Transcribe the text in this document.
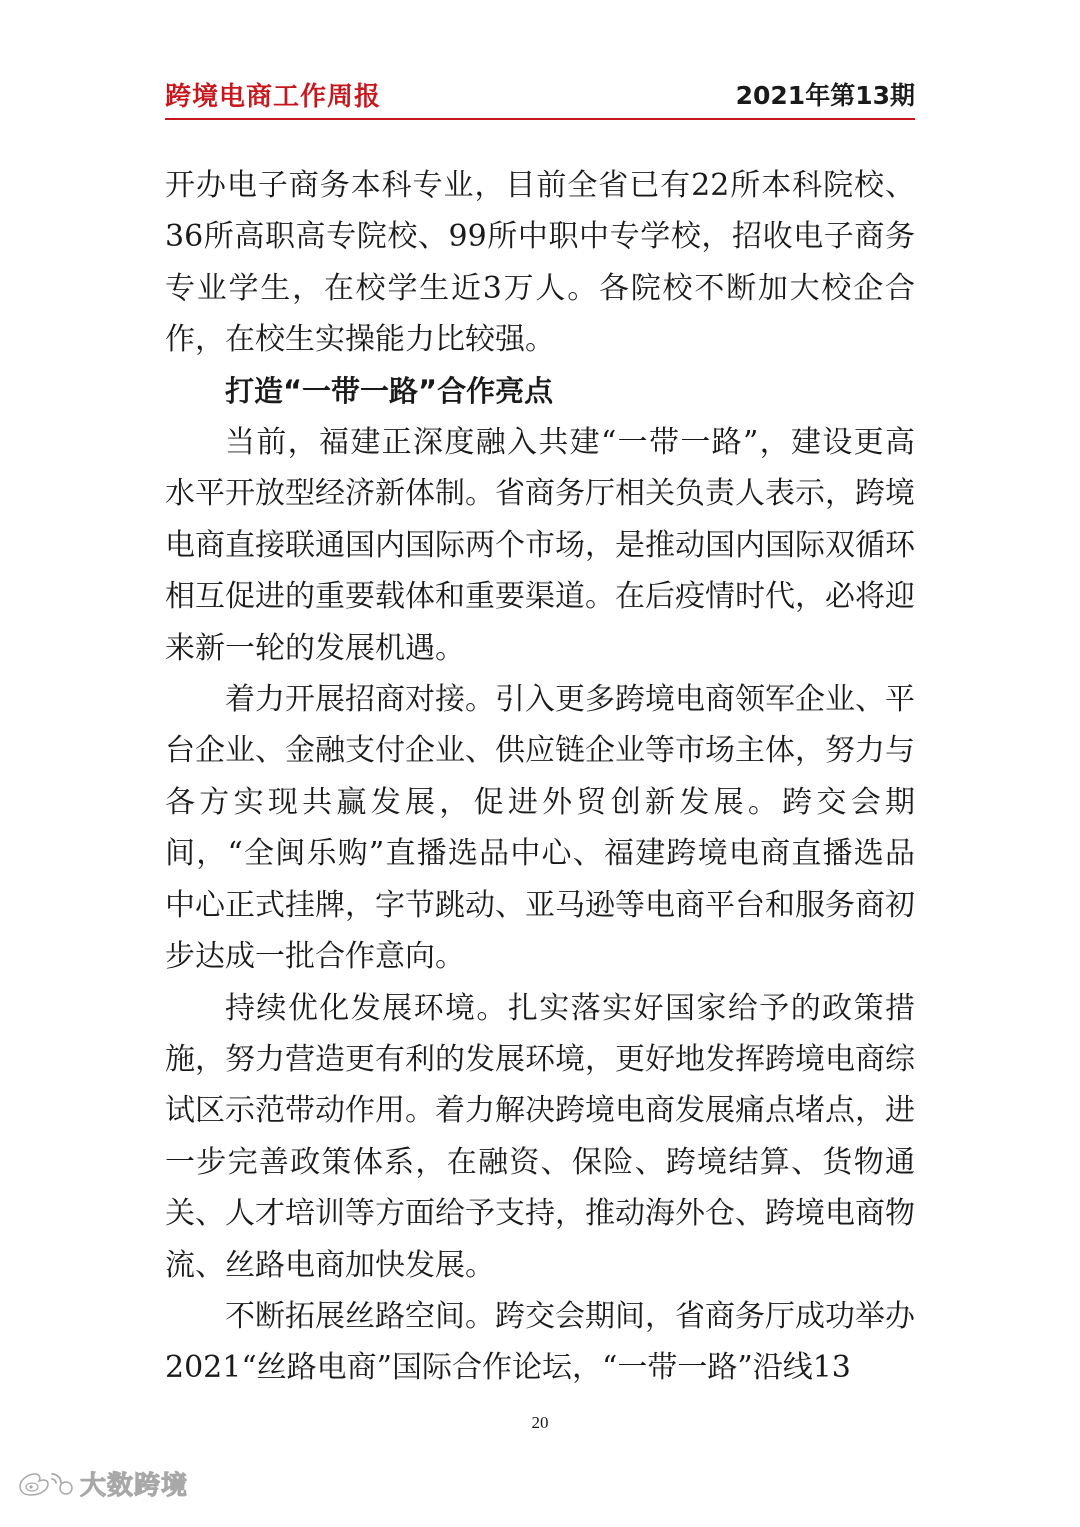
跨境电商工作周报	2021年第13期

开办电子商务本科专业，目前全省已有22所本科院校、36所高职高专院校、99所中职中专学校，招收电子商务专业学生，在校学生近3万人。各院校不断加大校企合作，在校生实操能力比较强。

打造“一带一路”合作亮点

当前，福建正深度融入共建“一带一路”，建设更高水平开放型经济新体制。省商务厅相关负责人表示，跨境电商直接联通国内国际两个市场，是推动国内国际双循环相互促进的重要载体和重要渠道。在后疫情时代，必将迎来新一轮的发展机遇。

着力开展招商对接。引入更多跨境电商领军企业、平台企业、金融支付企业、供应链企业等市场主体，努力与各方实现共赢发展，促进外贸创新发展。跨交会期间，“全闽乐购”直播选品中心、福建跨境电商直播选品中心正式挂牌，字节跳动、亚马逊等电商平台和服务商初步达成一批合作意向。

持续优化发展环境。扎实落实好国家给予的政策措施，努力营造更有利的发展环境，更好地发挥跨境电商综试区示范带动作用。着力解决跨境电商发展痛点堵点，进一步完善政策体系，在融资、保险、跨境结算、货物通关、人才培训等方面给予支持，推动海外仓、跨境电商物流、丝路电商加快发展。

不断拓展丝路空间。跨交会期间，省商务厅成功举办2021“丝路电商”国际合作论坛，“一带一路”沿线13

20
大数跨境
